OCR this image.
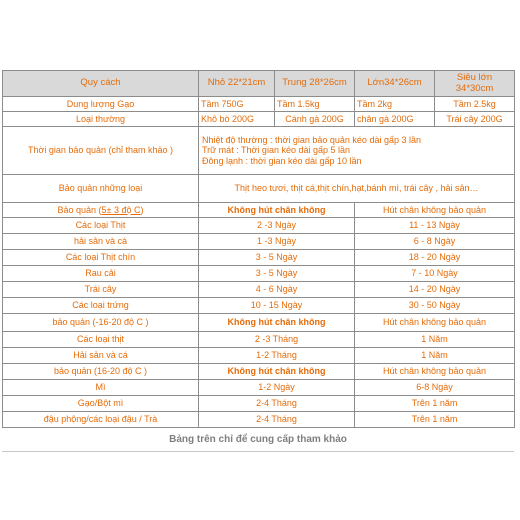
Quy cách	Nhỏ 22*21cm	Trung 28*26cm	Lớn34*26cm	Siêu lớn
34*30cm

Dung lượng Gạo	Tầm 750G	Tầm 1.5kg	Tầm 2kg	Tầm 2.5kg
Loại thường	Khô bò 200G	Cánh gà 200G	chân gà 200G	Trái cây 200G
Thời gian bảo quản (chỉ tham khảo )	Nhiệt độ thường : thời gian bảo quản kéo dài gấp 3 lần
Trữ mát : Thời gian kéo dài gấp 5 lần
Đông lạnh : thời gian kéo dài gấp 10 lần			

Bảo quản những loại	Thịt heo tươi, thịt cá,thịt chín,hạt,bánh mì, trái cây , hải sản…			
Bảo quản (5± 3 độ C)	Không hút chân không		Hút chân không bảo quản	
Các loại Thịt	2 -3 Ngày		11 - 13 Ngày	
hải sản và cá	1 -3 Ngày		6 - 8 Ngày	
Các loại Thịt chín	3 - 5 Ngày		18 - 20 Ngày	
Rau cải	3 - 5 Ngày		7 - 10 Ngày	
Trái cây	4 - 6 Ngày		14 - 20 Ngày	
Các loại trứng	10 - 15 Ngày		30 - 50 Ngày	
bảo quản (-16-20 độ C )	Không hút chân không		Hút chân không bảo quản	
Các loại thịt	2 -3 Tháng		1 Năm	
Hải sản và cá	1-2 Tháng		1 Năm	
bảo quản (16-20 độ C )	Không hút chân không		Hút chân không bảo quản	
Mì	1-2 Ngày		6-8 Ngày	
Gạo/Bột mì	2-4 Tháng		Trên 1 năm	
đậu phộng/các loại đậu / Trà	2-4 Tháng		Trên 1 năm	
Bảng trên chỉ để cung cấp tham khảo
